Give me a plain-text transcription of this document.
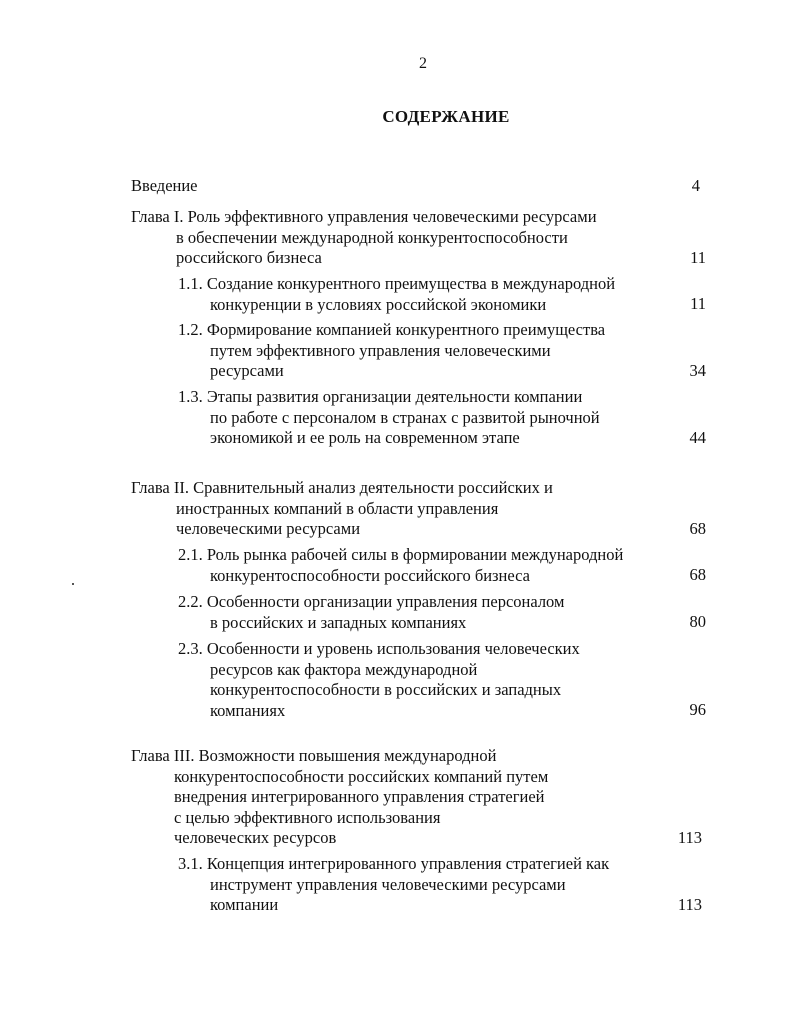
2
СОДЕРЖАНИЕ
Введение	4
Глава I. Роль эффективного управления человеческими ресурсами
в обеспечении международной конкурентоспособности
российского бизнеса	11
1.1. Создание конкурентного преимущества в международной
конкуренции в условиях российской экономики	11
1.2. Формирование компанией конкурентного преимущества
путем эффективного управления человеческими
ресурсами	34
1.3. Этапы развития организации деятельности компании
по работе с персоналом в странах с развитой рыночной
экономикой и ее роль на современном этапе	44
Глава II. Сравнительный анализ деятельности российских и
иностранных компаний в области управления
человеческими ресурсами	68
2.1. Роль рынка рабочей силы в формировании международной
конкурентоспособности российского бизнеса	68
2.2. Особенности организации управления персоналом
в российских и западных компаниях	80
2.3. Особенности и уровень использования человеческих
ресурсов как фактора международной
конкурентоспособности в российских и западных
компаниях	96
Глава III. Возможности повышения международной
конкурентоспособности российских компаний путем
внедрения интегрированного управления стратегией
с целью эффективного использования
человеческих ресурсов	113
3.1. Концепция интегрированного управления стратегией как
инструмент управления человеческими ресурсами
компании	113
